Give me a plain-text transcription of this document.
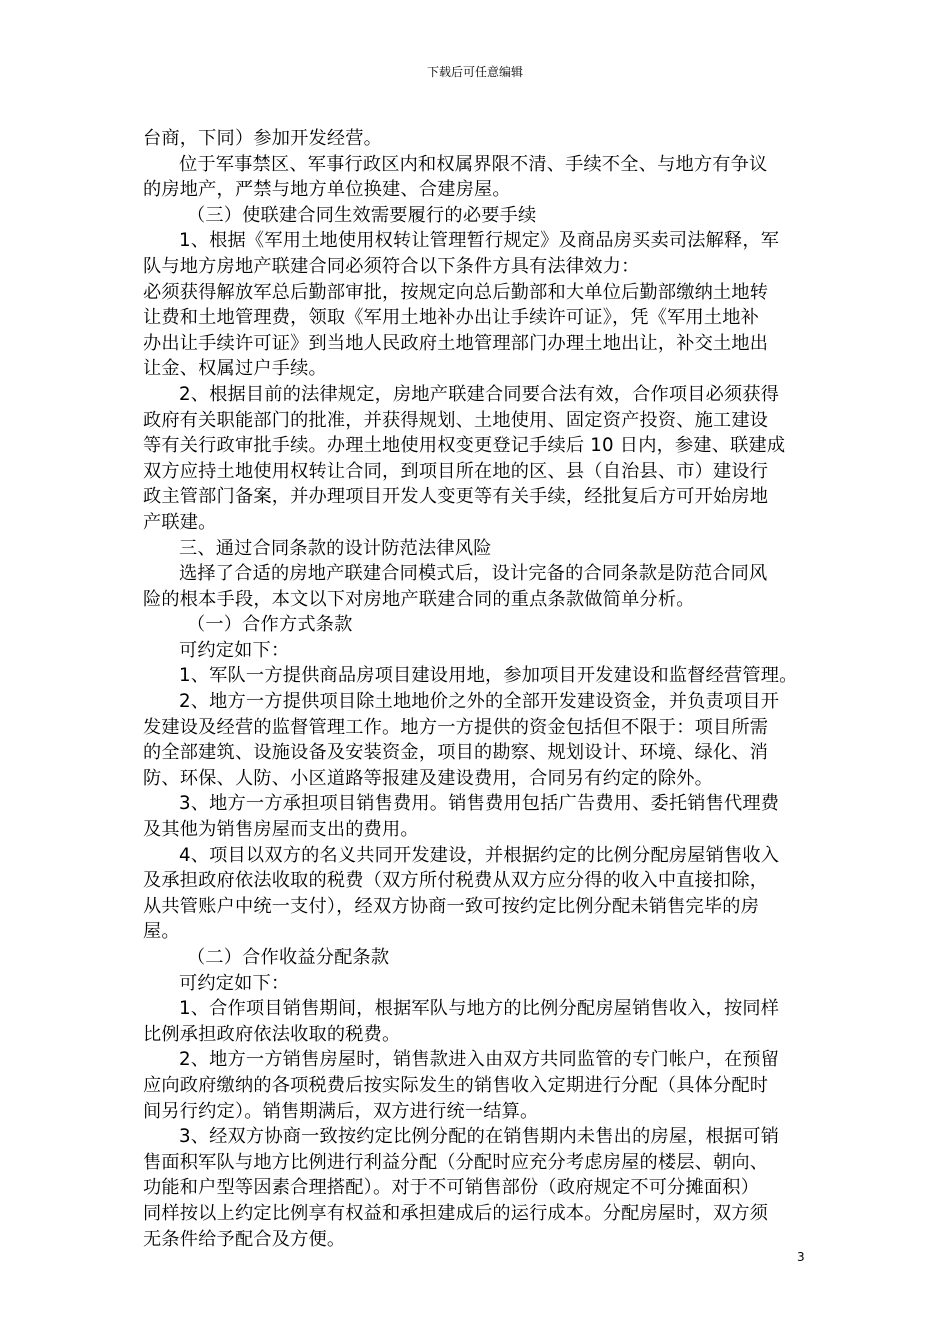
下载后可任意编辑

台商，下同）参加开发经营。

位于军事禁区、军事行政区内和权属界限不清、手续不全、与地方有争议

的房地产，严禁与地方单位换建、合建房屋。

（三）使联建合同生效需要履行的必要手续

1、根据《军用土地使用权转让管理暂行规定》及商品房买卖司法解释，军

队与地方房地产联建合同必须符合以下条件方具有法律效力：

必须获得解放军总后勤部审批，按规定向总后勤部和大单位后勤部缴纳土地转

让费和土地管理费，领取《军用土地补办出让手续许可证》，凭《军用土地补

办出让手续许可证》到当地人民政府土地管理部门办理土地出让，补交土地出

让金、权属过户手续。

2、根据目前的法律规定，房地产联建合同要合法有效，合作项目必须获得

政府有关职能部门的批准，并获得规划、土地使用、固定资产投资、施工建设

等有关行政审批手续。办理土地使用权变更登记手续后 10 日内，参建、联建成

双方应持土地使用权转让合同，到项目所在地的区、县（自治县、市）建设行

政主管部门备案，并办理项目开发人变更等有关手续，经批复后方可开始房地

产联建。

三、通过合同条款的设计防范法律风险

选择了合适的房地产联建合同模式后，设计完备的合同条款是防范合同风

险的根本手段，本文以下对房地产联建合同的重点条款做简单分析。

（一）合作方式条款

可约定如下：

1、军队一方提供商品房项目建设用地，参加项目开发建设和监督经营管理。

2、地方一方提供项目除土地地价之外的全部开发建设资金，并负责项目开

发建设及经营的监督管理工作。地方一方提供的资金包括但不限于：项目所需

的全部建筑、设施设备及安装资金，项目的勘察、规划设计、环境、绿化、消

防、环保、人防、小区道路等报建及建设费用，合同另有约定的除外。

3、地方一方承担项目销售费用。销售费用包括广告费用、委托销售代理费

及其他为销售房屋而支出的费用。

4、项目以双方的名义共同开发建设，并根据约定的比例分配房屋销售收入

及承担政府依法收取的税费（双方所付税费从双方应分得的收入中直接扣除，

从共管账户中统一支付），经双方协商一致可按约定比例分配未销售完毕的房

屋。

（二）合作收益分配条款

可约定如下：

1、合作项目销售期间，根据军队与地方的比例分配房屋销售收入，按同样

比例承担政府依法收取的税费。

2、地方一方销售房屋时，销售款进入由双方共同监管的专门帐户，在预留

应向政府缴纳的各项税费后按实际发生的销售收入定期进行分配（具体分配时

间另行约定）。销售期满后，双方进行统一结算。

3、经双方协商一致按约定比例分配的在销售期内未售出的房屋，根据可销

售面积军队与地方比例进行利益分配（分配时应充分考虑房屋的楼层、朝向、

功能和户型等因素合理搭配）。对于不可销售部份（政府规定不可分摊面积）

同样按以上约定比例享有权益和承担建成后的运行成本。分配房屋时，双方须

无条件给予配合及方便。

3
